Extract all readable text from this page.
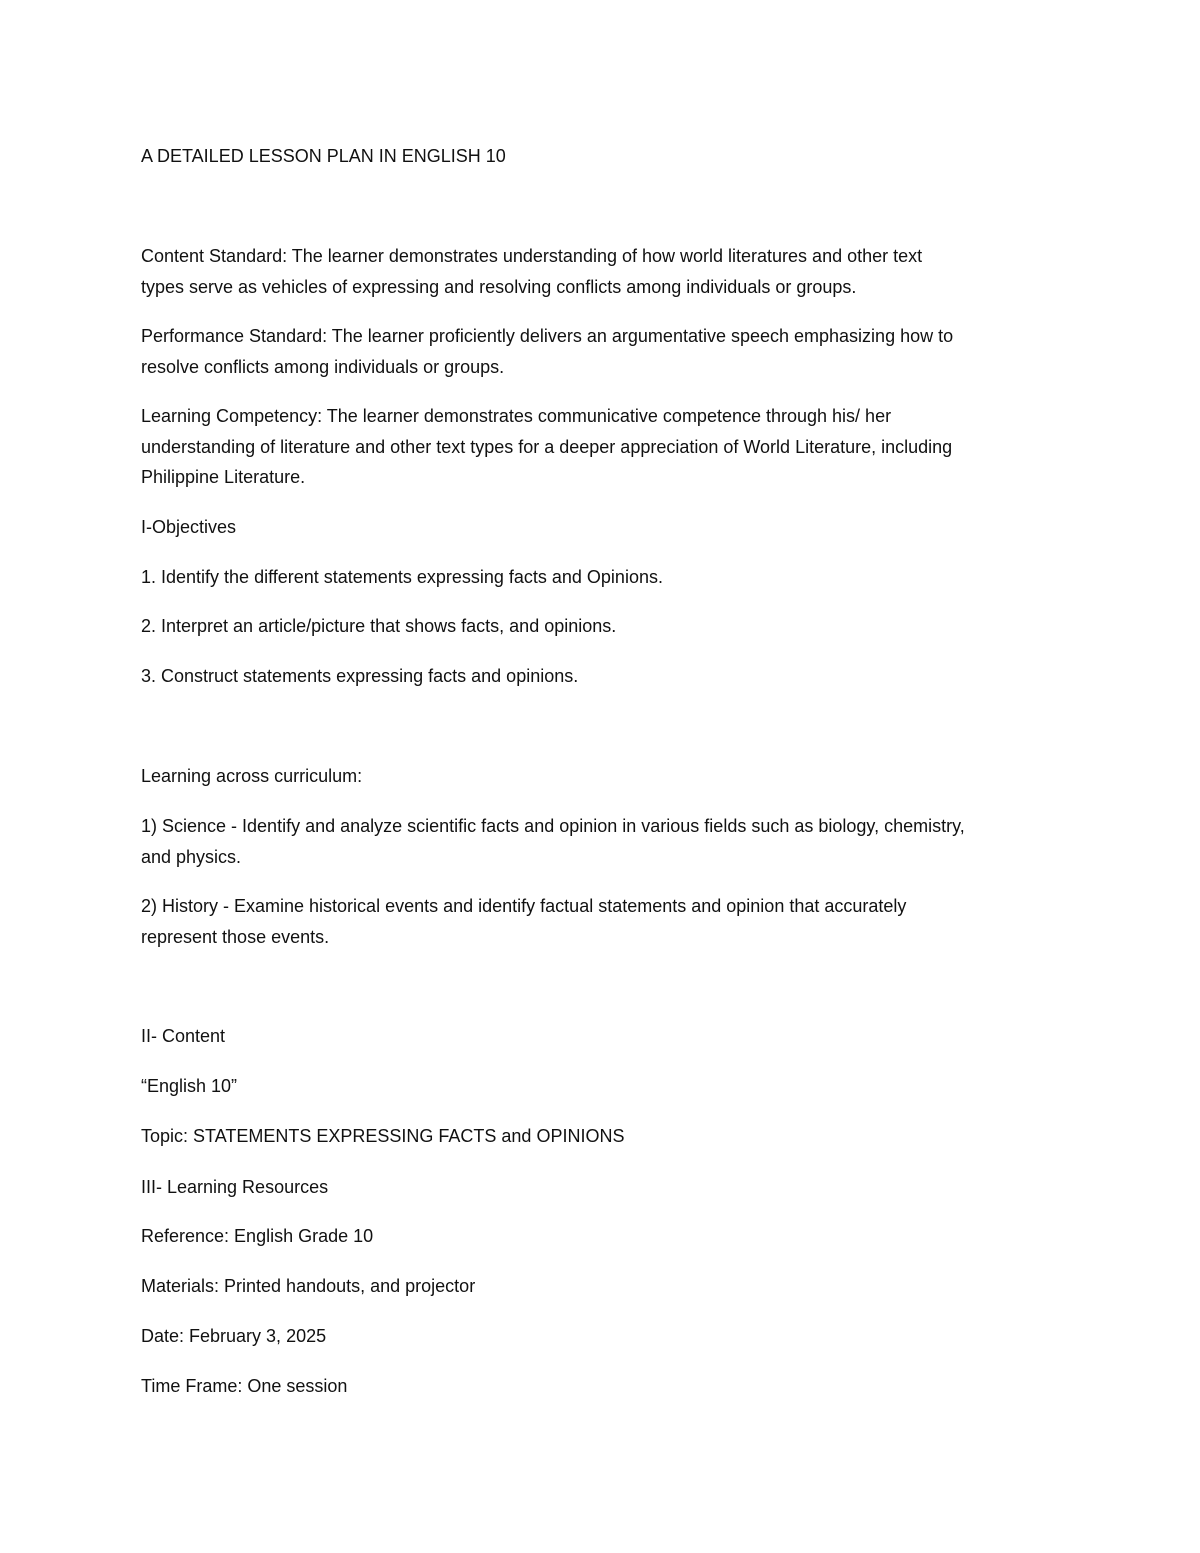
A DETAILED LESSON PLAN IN ENGLISH 10

Content Standard: The learner demonstrates understanding of how world literatures and other text
types serve as vehicles of expressing and resolving conflicts among individuals or groups.
Performance Standard: The learner proficiently delivers an argumentative speech emphasizing how to
resolve conflicts among individuals or groups.
Learning Competency: The learner demonstrates communicative competence through his/ her
understanding of literature and other text types for a deeper appreciation of World Literature, including
Philippine Literature.

I-Objectives

1. Identify the different statements expressing facts and Opinions.

2. Interpret an article/picture that shows facts, and opinions.

3. Construct statements expressing facts and opinions.

Learning across curriculum:

1) Science - Identify and analyze scientific facts and opinion in various fields such as biology, chemistry,
and physics.
2) History - Examine historical events and identify factual statements and opinion that accurately
represent those events.

II- Content

“English 10”

Topic: STATEMENTS EXPRESSING FACTS and OPINIONS

III- Learning Resources

Reference: English Grade 10

Materials: Printed handouts, and projector

Date: February 3, 2025

Time Frame: One session
